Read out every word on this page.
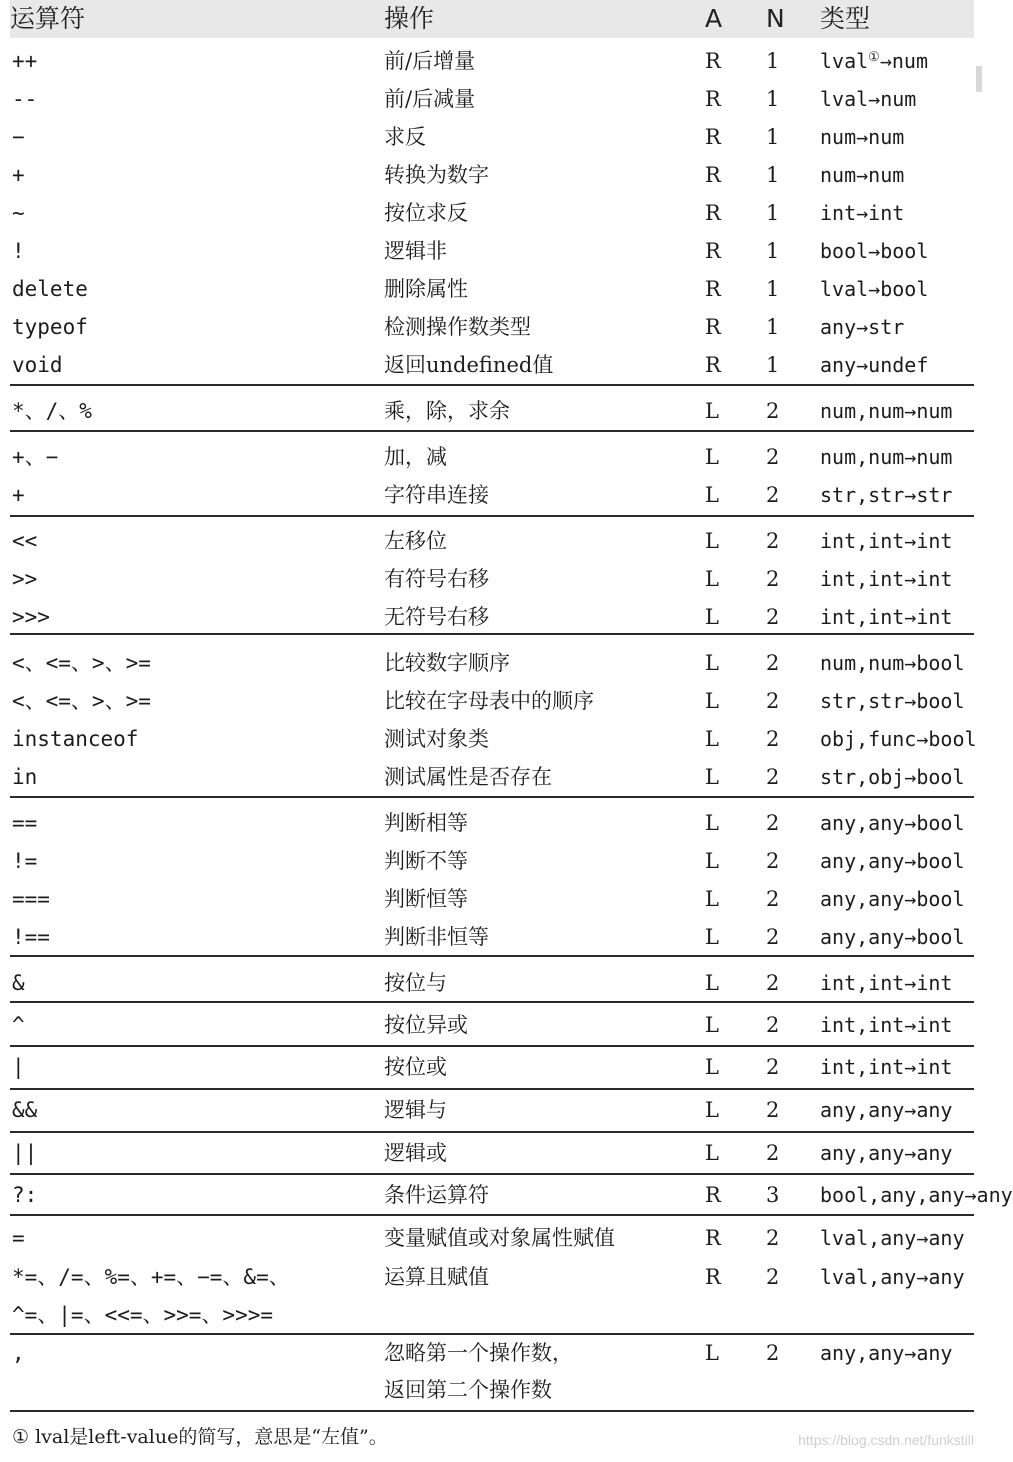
运算符	操作	A N 类型
++	前/后增量	R 1 lval①→num
--	前/后减量	R 1 lval→num
−	求反	R 1 num→num
+	转换为数字	R 1 num→num
~	按位求反	R 1 int→int
!	逻辑非	R 1 bool→bool
delete	删除属性	R 1 lval→bool
typeof	检测操作数类型	R 1 any→str
void	返回undefined值	R 1 any→undef
*、/、%	乘，除，求余	L 2 num,num→num
+、−	加，减	L 2 num,num→num
+	字符串连接	L 2 str,str→str
<<	左移位	L 2 int,int→int
>>	有符号右移	L 2 int,int→int
>>>	无符号右移	L 2 int,int→int
<、<=、>、>=	比较数字顺序	L 2 num,num→bool
<、<=、>、>=	比较在字母表中的顺序	L 2 str,str→bool
instanceof	测试对象类	L 2 obj,func→bool
in	测试属性是否存在	L 2 str,obj→bool
==	判断相等	L 2 any,any→bool
!=	判断不等	L 2 any,any→bool
===	判断恒等	L 2 any,any→bool
!==	判断非恒等	L 2 any,any→bool
&	按位与	L 2 int,int→int
^	按位异或	L 2 int,int→int
|	按位或	L 2 int,int→int
&&	逻辑与	L 2 any,any→any
||	逻辑或	L 2 any,any→any
?:	条件运算符	R 3 bool,any,any→any
=	变量赋值或对象属性赋值	R 2 lval,any→any
*=、/=、%=、+=、−=、&=、	运算且赋值	R 2 lval,any→any
^=、|=、<<=、>>=、>>>=
,	忽略第一个操作数，	L 2 any,any→any
返回第二个操作数
① lval是left-value的简写，意思是“左值”。	https://blog.csdn.net/funkstill
